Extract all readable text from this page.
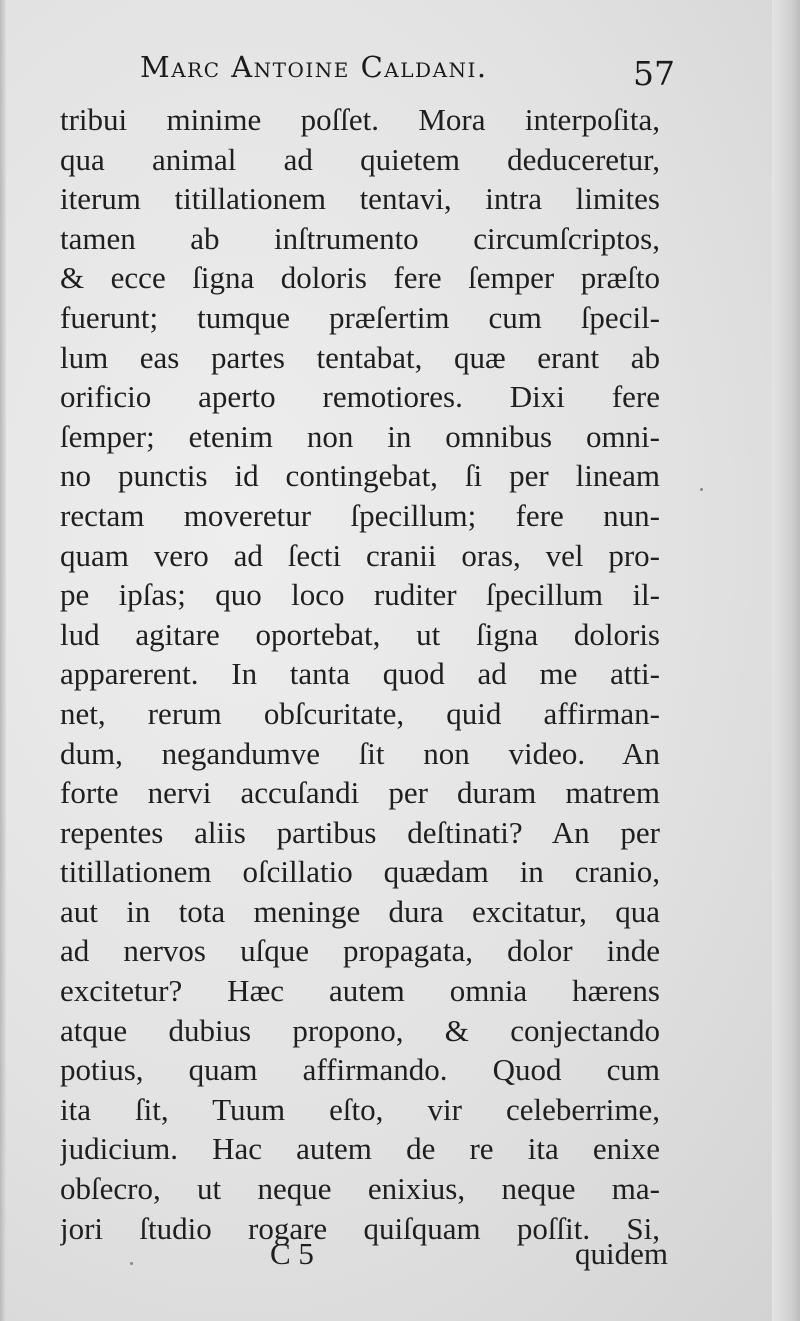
Marc Antoine Caldani.	57
tribui minime poſſet. Mora interpoſita,
qua animal ad quietem deduceretur,
iterum titillationem tentavi, intra limites
tamen ab inſtrumento circumſcriptos,
& ecce ſigna doloris fere ſemper præſto
fuerunt; tumque præſertim cum ſpecil-
lum eas partes tentabat, quæ erant ab
orificio aperto remotiores. Dixi fere
ſemper; etenim non in omnibus omni-
no punctis id contingebat, ſi per lineam
rectam moveretur ſpecillum; fere nun-
quam vero ad ſecti cranii oras, vel pro-
pe ipſas; quo loco ruditer ſpecillum il-
lud agitare oportebat, ut ſigna doloris
apparerent. In tanta quod ad me atti-
net, rerum obſcuritate, quid affirman-
dum, negandumve ſit non video. An
forte nervi accuſandi per duram matrem
repentes aliis partibus deſtinati? An per
titillationem oſcillatio quædam in cranio,
aut in tota meninge dura excitatur, qua
ad nervos uſque propagata, dolor inde
excitetur? Hæc autem omnia hærens
atque dubius propono, & conjectando
potius, quam affirmando. Quod cum
ita ſit, Tuum eſto, vir celeberrime,
judicium. Hac autem de re ita enixe
obſecro, ut neque enixius, neque ma-
jori ſtudio rogare quiſquam poſſit. Si,
C 5	quidem
